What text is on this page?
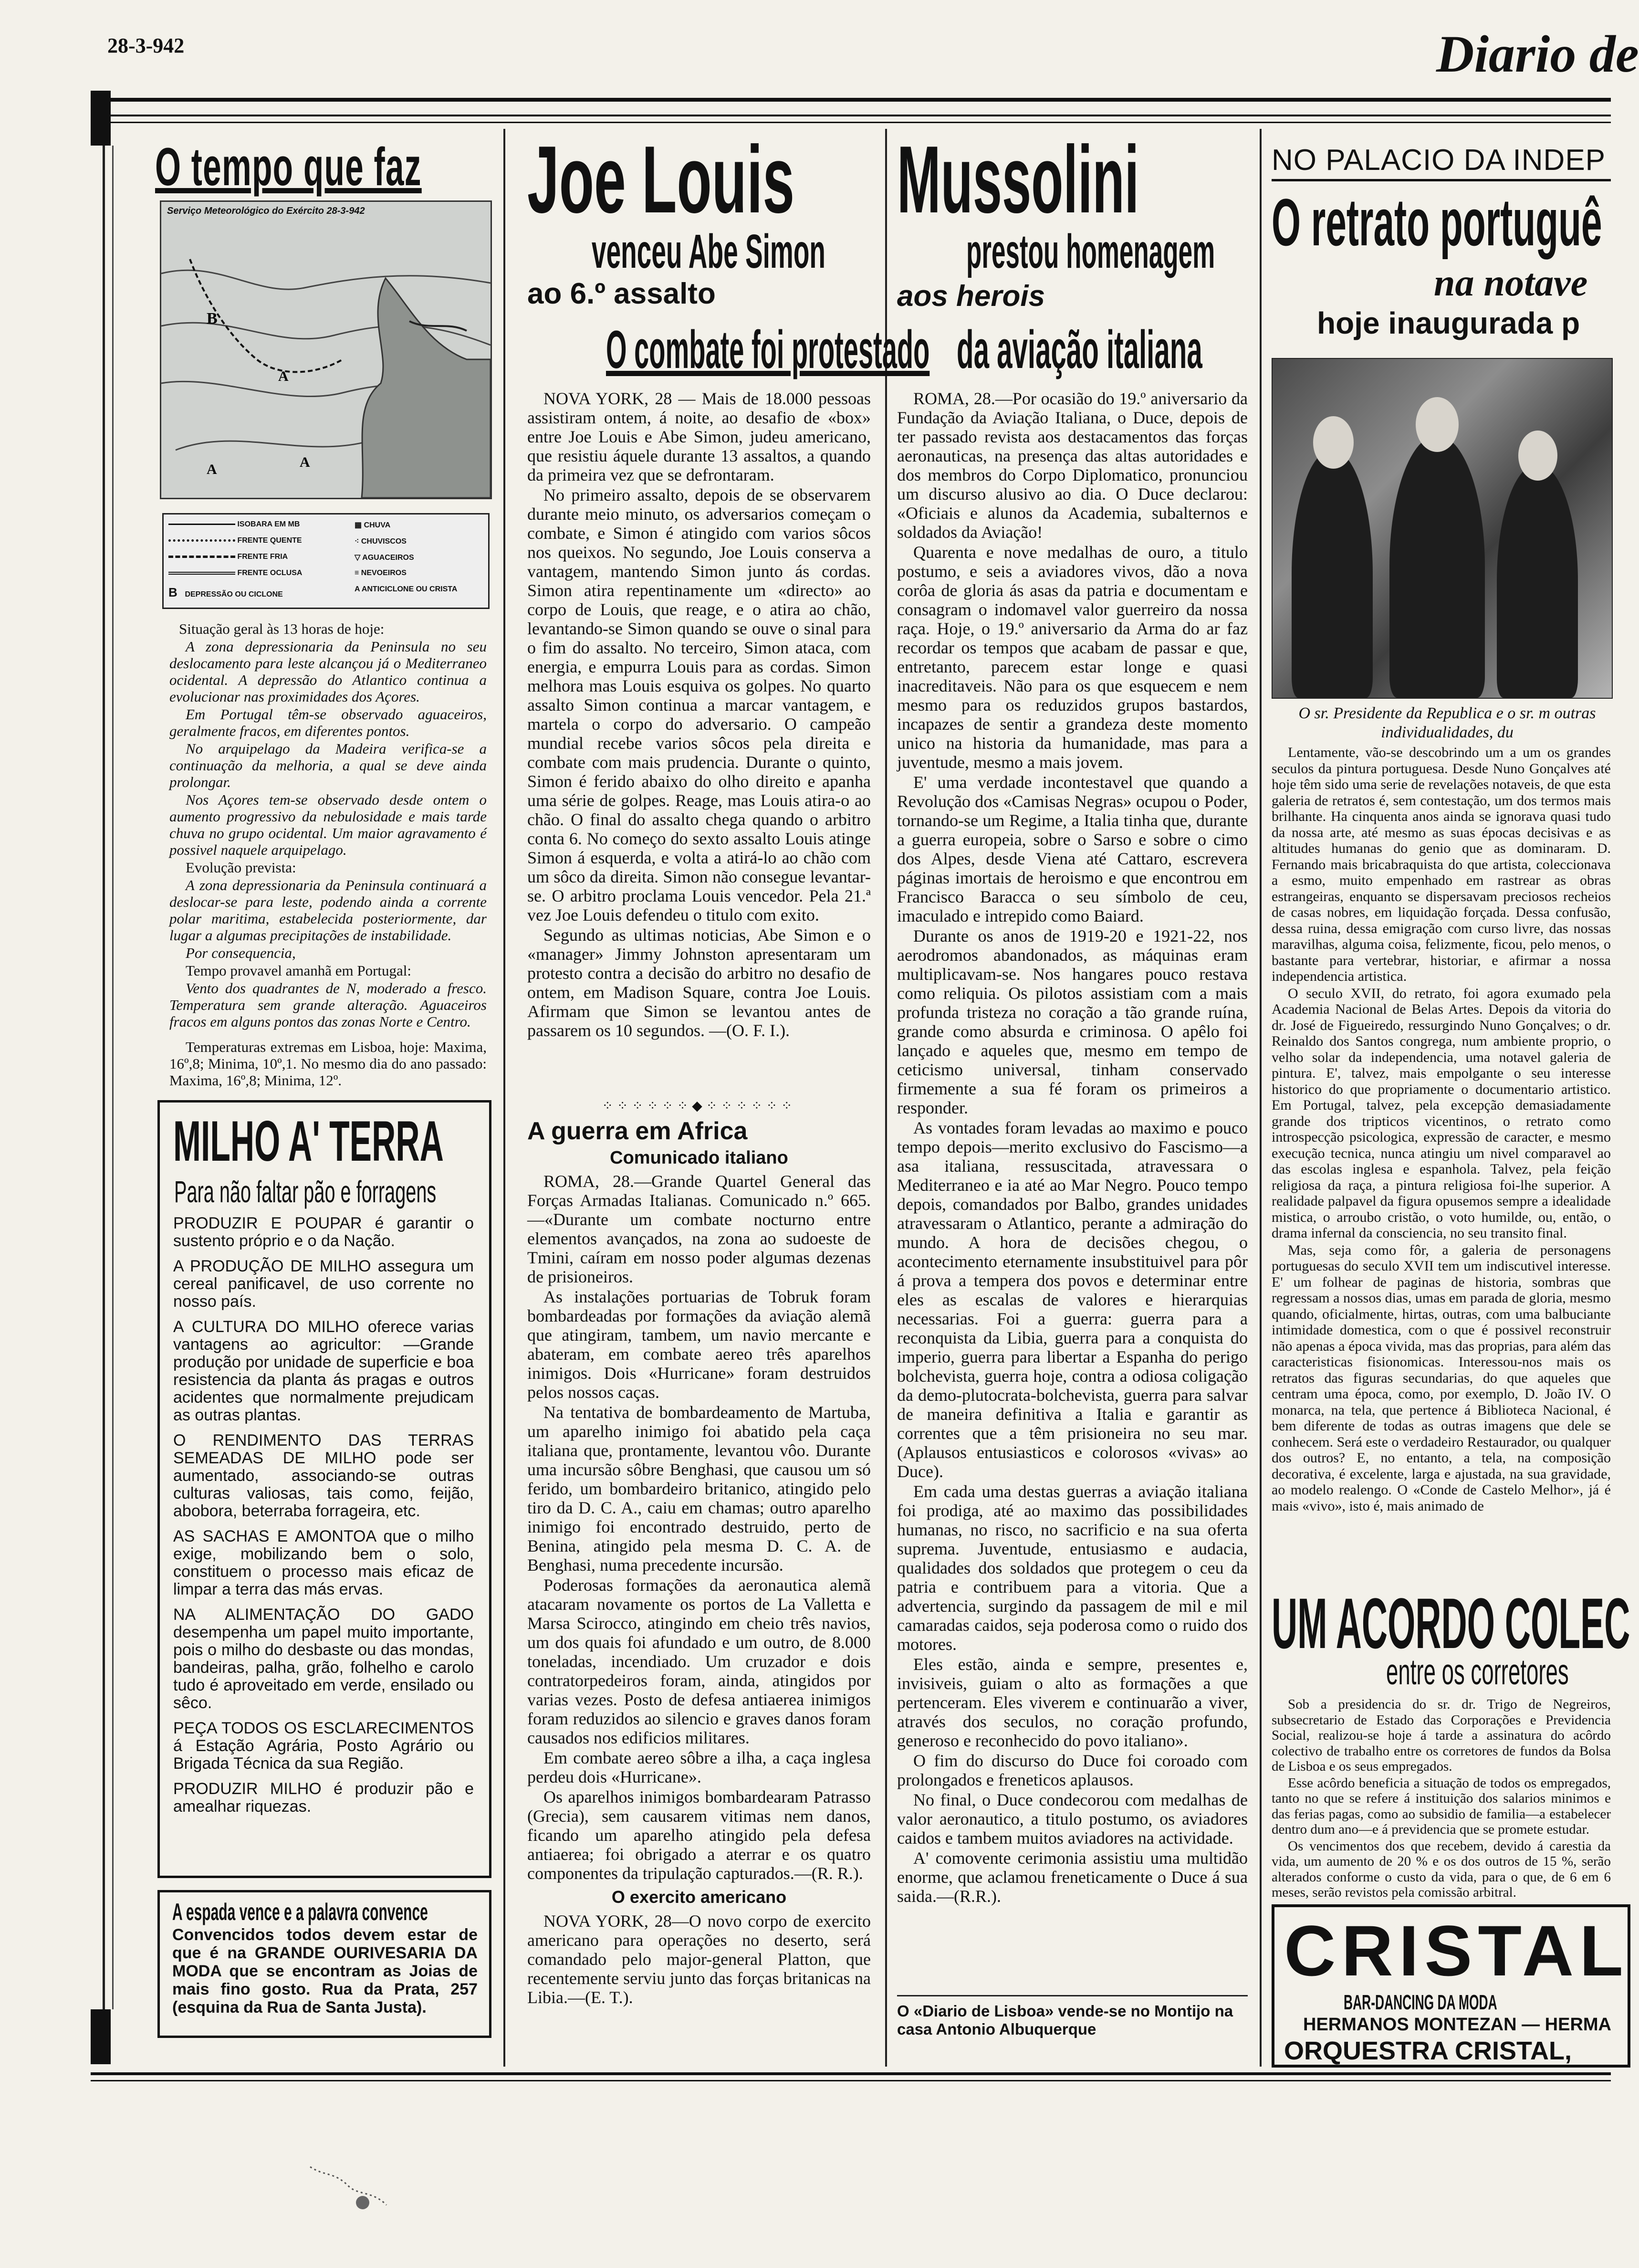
28-3-942	Diario de
O tempo que faz
Serviço Meteorológico do Exército 28-3-942
B
A
A	A
ISOBARA EM MB
FRENTE QUENTE
FRENTE FRIA
FRENTE OCLUSA
B DEPRESSÃO OU CICLONE
▦ CHUVA
⁖ CHUVISCOS
▽ AGUACEIROS
≡ NEVOEIROS
A ANTICICLONE OU CRISTA

Situação geral às 13 horas de hoje:

A zona depressionaria da Peninsula no seu deslocamento para leste alcançou já o Mediterraneo ocidental. A depressão do Atlantico continua a evolucionar nas proximidades dos Açores.

Em Portugal têm-se observado aguaceiros, geralmente fracos, em diferentes pontos.

No arquipelago da Madeira verifica-se a continuação da melhoria, a qual se deve ainda prolongar.

Nos Açores tem-se observado desde ontem o aumento progressivo da nebulosidade e mais tarde chuva no grupo ocidental. Um maior agravamento é possivel naquele arquipelago.

Evolução prevista:

A zona depressionaria da Peninsula continuará a deslocar-se para leste, podendo ainda a corrente polar maritima, estabelecida posteriormente, dar lugar a algumas precipitações de instabilidade.

Por consequencia,

Tempo provavel amanhã em Portugal:

Vento dos quadrantes de N, moderado a fresco. Temperatura sem grande alteração. Aguaceiros fracos em alguns pontos das zonas Norte e Centro.

Temperaturas extremas em Lisboa, hoje: Maxima, 16º,8; Minima, 10º,1. No mesmo dia do ano passado: Maxima, 16º,8; Minima, 12º.

MILHO A' TERRA
Para não faltar pão e forragens

PRODUZIR E POUPAR é garantir o sustento próprio e o da Nação.

A PRODUÇÃO DE MILHO assegura um cereal panificavel, de uso corrente no nosso país.

A CULTURA DO MILHO oferece varias vantagens ao agricultor: —Grande produção por unidade de superficie e boa resistencia da planta ás pragas e outros acidentes que normalmente prejudicam as outras plantas.

O RENDIMENTO DAS TERRAS SEMEADAS DE MILHO pode ser aumentado, associando-se outras culturas valiosas, tais como, feijão, abobora, beterraba forrageira, etc.

AS SACHAS E AMONTOA que o milho exige, mobilizando bem o solo, constituem o processo mais eficaz de limpar a terra das más ervas.

NA ALIMENTAÇÃO DO GADO desempenha um papel muito importante, pois o milho do desbaste ou das mondas, bandeiras, palha, grão, folhelho e carolo tudo é aproveitado em verde, ensilado ou sêco.

PEÇA TODOS OS ESCLARECIMENTOS á Estação Agrária, Posto Agrário ou Brigada Técnica da sua Região.

PRODUZIR MILHO é produzir pão e amealhar riquezas.

A espada vence e a palavra convence
Convencidos todos devem estar de que é na GRANDE OURIVESARIA DA MODA que se encontram as Joias de mais fino gosto. Rua da Prata, 257 (esquina da Rua de Santa Justa).
Joe Louis
venceu Abe Simon
ao 6.º assalto
O combate foi protestado

NOVA YORK, 28 — Mais de 18.000 pessoas assistiram ontem, á noite, ao desafio de «box» entre Joe Louis e Abe Simon, judeu americano, que resistiu áquele durante 13 assaltos, a quando da primeira vez que se defrontaram.

No primeiro assalto, depois de se observarem durante meio minuto, os adversarios começam o combate, e Simon é atingido com varios sôcos nos queixos. No segundo, Joe Louis conserva a vantagem, mantendo Simon junto ás cordas. Simon atira repentinamente um «directo» ao corpo de Louis, que reage, e o atira ao chão, levantando-se Simon quando se ouve o sinal para o fim do assalto. No terceiro, Simon ataca, com energia, e empurra Louis para as cordas. Simon melhora mas Louis esquiva os golpes. No quarto assalto Simon continua a marcar vantagem, e martela o corpo do adversario. O campeão mundial recebe varios sôcos pela direita e combate com mais prudencia. Durante o quinto, Simon é ferido abaixo do olho direito e apanha uma série de golpes. Reage, mas Louis atira-o ao chão. O final do assalto chega quando o arbitro conta 6. No começo do sexto assalto Louis atinge Simon á esquerda, e volta a atirá-lo ao chão com um sôco da direita. Simon não consegue levantar-se. O arbitro proclama Louis vencedor. Pela 21.ª vez Joe Louis defendeu o titulo com exito.

Segundo as ultimas noticias, Abe Simon e o «manager» Jimmy Johnston apresentaram um protesto contra a decisão do arbitro no desafio de ontem, em Madison Square, contra Joe Louis. Afirmam que Simon se levantou antes de passarem os 10 segundos. —(O. F. I.).

⁘⁘⁘⁘⁘⁘◆⁘⁘⁘⁘⁘⁘
A guerra em Africa
Comunicado italiano

ROMA, 28.—Grande Quartel General das Forças Armadas Italianas. Comunicado n.º 665.—«Durante um combate nocturno entre elementos avançados, na zona ao sudoeste de Tmini, caíram em nosso poder algumas dezenas de prisioneiros.

As instalações portuarias de Tobruk foram bombardeadas por formações da aviação alemã que atingiram, tambem, um navio mercante e abateram, em combate aereo três aparelhos inimigos. Dois «Hurricane» foram destruidos pelos nossos caças.

Na tentativa de bombardeamento de Martuba, um aparelho inimigo foi abatido pela caça italiana que, prontamente, levantou vôo. Durante uma incursão sôbre Benghasi, que causou um só ferido, um bombardeiro britanico, atingido pelo tiro da D. C. A., caiu em chamas; outro aparelho inimigo foi encontrado destruido, perto de Benina, atingido pela mesma D. C. A. de Benghasi, numa precedente incursão.

Poderosas formações da aeronautica alemã atacaram novamente os portos de La Valletta e Marsa Scirocco, atingindo em cheio três navios, um dos quais foi afundado e um outro, de 8.000 toneladas, incendiado. Um cruzador e dois contratorpedeiros foram, ainda, atingidos por varias vezes. Posto de defesa antiaerea inimigos foram reduzidos ao silencio e graves danos foram causados nos edificios militares.

Em combate aereo sôbre a ilha, a caça inglesa perdeu dois «Hurricane».

Os aparelhos inimigos bombardearam Patrasso (Grecia), sem causarem vitimas nem danos, ficando um aparelho atingido pela defesa antiaerea; foi obrigado a aterrar e os quatro componentes da tripulação capturados.—(R. R.).

O exercito americano

NOVA YORK, 28—O novo corpo de exercito americano para operações no deserto, será comandado pelo major-general Platton, que recentemente serviu junto das forças britanicas na Libia.—(E. T.).

Mussolini
prestou homenagem
aos herois
da aviação italiana

ROMA, 28.—Por ocasião do 19.º aniversario da Fundação da Aviação Italiana, o Duce, depois de ter passado revista aos destacamentos das forças aeronauticas, na presença das altas autoridades e dos membros do Corpo Diplomatico, pronunciou um discurso alusivo ao dia. O Duce declarou: «Oficiais e alunos da Academia, subalternos e soldados da Aviação!

Quarenta e nove medalhas de ouro, a titulo postumo, e seis a aviadores vivos, dão a nova corôa de gloria ás asas da patria e documentam e consagram o indomavel valor guerreiro da nossa raça. Hoje, o 19.º aniversario da Arma do ar faz recordar os tempos que acabam de passar e que, entretanto, parecem estar longe e quasi inacreditaveis. Não para os que esquecem e nem mesmo para os reduzidos grupos bastardos, incapazes de sentir a grandeza deste momento unico na historia da humanidade, mas para a juventude, mesmo a mais jovem.

E' uma verdade incontestavel que quando a Revolução dos «Camisas Negras» ocupou o Poder, tornando-se um Regime, a Italia tinha que, durante a guerra europeia, sobre o Sarso e sobre o cimo dos Alpes, desde Viena até Cattaro, escrevera páginas imortais de heroismo e que encontrou em Francisco Baracca o seu símbolo de ceu, imaculado e intrepido como Baiard.

Durante os anos de 1919-20 e 1921-22, nos aerodromos abandonados, as máquinas eram multiplicavam-se. Nos hangares pouco restava como reliquia. Os pilotos assistiam com a mais profunda tristeza no coração a tão grande ruína, grande como absurda e criminosa. O apêlo foi lançado e aqueles que, mesmo em tempo de ceticismo universal, tinham conservado firmemente a sua fé foram os primeiros a responder.

As vontades foram levadas ao maximo e pouco tempo depois—merito exclusivo do Fascismo—a asa italiana, ressuscitada, atravessara o Mediterraneo e ia até ao Mar Negro. Pouco tempo depois, comandados por Balbo, grandes unidades atravessaram o Atlantico, perante a admiração do mundo. A hora de decisões chegou, o acontecimento eternamente insubstituivel para pôr á prova a tempera dos povos e determinar entre eles as escalas de valores e hierarquias necessarias. Foi a guerra: guerra para a reconquista da Libia, guerra para a conquista do imperio, guerra para libertar a Espanha do perigo bolchevista, guerra hoje, contra a odiosa coligação da demo-plutocrata-bolchevista, guerra para salvar de maneira definitiva a Italia e garantir as correntes que a têm prisioneira no seu mar. (Aplausos entusiasticos e colorosos «vivas» ao Duce).

Em cada uma destas guerras a aviação italiana foi prodiga, até ao maximo das possibilidades humanas, no risco, no sacrificio e na sua oferta suprema. Juventude, entusiasmo e audacia, qualidades dos soldados que protegem o ceu da patria e contribuem para a vitoria. Que a advertencia, surgindo da passagem de mil e mil camaradas caidos, seja poderosa como o ruido dos motores.

Eles estão, ainda e sempre, presentes e, invisiveis, guiam o alto as formações a que pertenceram. Eles viverem e continuarão a viver, através dos seculos, no coração profundo, generoso e reconhecido do povo italiano».

O fim do discurso do Duce foi coroado com prolongados e freneticos aplausos.

No final, o Duce condecorou com medalhas de valor aeronautico, a titulo postumo, os aviadores caidos e tambem muitos aviadores na actividade.

A' comovente cerimonia assistiu uma multidão enorme, que aclamou freneticamente o Duce á sua saida.—(R.R.).

O «Diario de Lisboa» vende-se no Montijo na casa Antonio Albuquerque
NO PALACIO DA INDEP
O retrato portuguê
na notave
hoje inaugurada p
O sr. Presidente da Republica e o sr. m outras individualidades, du

Lentamente, vão-se descobrindo um a um os grandes seculos da pintura portuguesa. Desde Nuno Gonçalves até hoje têm sido uma serie de revelações notaveis, de que esta galeria de retratos é, sem contestação, um dos termos mais brilhante. Ha cinquenta anos ainda se ignorava quasi tudo da nossa arte, até mesmo as suas épocas decisivas e as altitudes humanas do genio que as dominaram. D. Fernando mais bricabraquista do que artista, coleccionava a esmo, muito empenhado em rastrear as obras estrangeiras, enquanto se dispersavam preciosos recheios de casas nobres, em liquidação forçada. Dessa confusão, dessa ruina, dessa emigração com curso livre, das nossas maravilhas, alguma coisa, felizmente, ficou, pelo menos, o bastante para vertebrar, historiar, e afirmar a nossa independencia artistica.

O seculo XVII, do retrato, foi agora exumado pela Academia Nacional de Belas Artes. Depois da vitoria do dr. José de Figueiredo, ressurgindo Nuno Gonçalves; o dr. Reinaldo dos Santos congrega, num ambiente proprio, o velho solar da independencia, uma notavel galeria de pintura. E', talvez, mais empolgante o seu interesse historico do que propriamente o documentario artistico. Em Portugal, talvez, pela excepção demasiadamente grande dos tripticos vicentinos, o retrato como introspecção psicologica, expressão de caracter, e mesmo execução tecnica, nunca atingiu um nivel comparavel ao das escolas inglesa e espanhola. Talvez, pela feição religiosa da raça, a pintura religiosa foi-lhe superior. A realidade palpavel da figura opusemos sempre a idealidade mistica, o arroubo cristão, o voto humilde, ou, então, o drama infernal da consciencia, no seu transito final.

Mas, seja como fôr, a galeria de personagens portuguesas do seculo XVII tem um indiscutivel interesse. E' um folhear de paginas de historia, sombras que regressam a nossos dias, umas em parada de gloria, mesmo quando, oficialmente, hirtas, outras, com uma balbuciante intimidade domestica, com o que é possivel reconstruir não apenas a época vivida, mas das proprias, para além das caracteristicas fisionomicas. Interessou-nos mais os retratos das figuras secundarias, do que aqueles que centram uma época, como, por exemplo, D. João IV. O monarca, na tela, que pertence á Biblioteca Nacional, é bem diferente de todas as outras imagens que dele se conhecem. Será este o verdadeiro Restaurador, ou qualquer dos outros? E, no entanto, a tela, na composição decorativa, é excelente, larga e ajustada, na sua gravidade, ao modelo realengo. O «Conde de Castelo Melhor», já é mais «vivo», isto é, mais animado de

UM ACORDO COLEC
entre os corretores

Sob a presidencia do sr. dr. Trigo de Negreiros, subsecretario de Estado das Corporações e Previdencia Social, realizou-se hoje á tarde a assinatura do acôrdo colectivo de trabalho entre os corretores de fundos da Bolsa de Lisboa e os seus empregados.

Esse acôrdo beneficia a situação de todos os empregados, tanto no que se refere á instituição dos salarios minimos e das ferias pagas, como ao subsidio de familia—a estabelecer dentro dum ano—e á previdencia que se promete estudar.

Os vencimentos dos que recebem, devido á carestia da vida, um aumento de 20 % e os dos outros de 15 %, serão alterados conforme o custo da vida, para o que, de 6 em 6 meses, serão revistos pela comissão arbitral.

CRISTAL
BAR-DANCING DA MODA
HERMANOS MONTEZAN — HERMA
ORQUESTRA CRISTAL,
